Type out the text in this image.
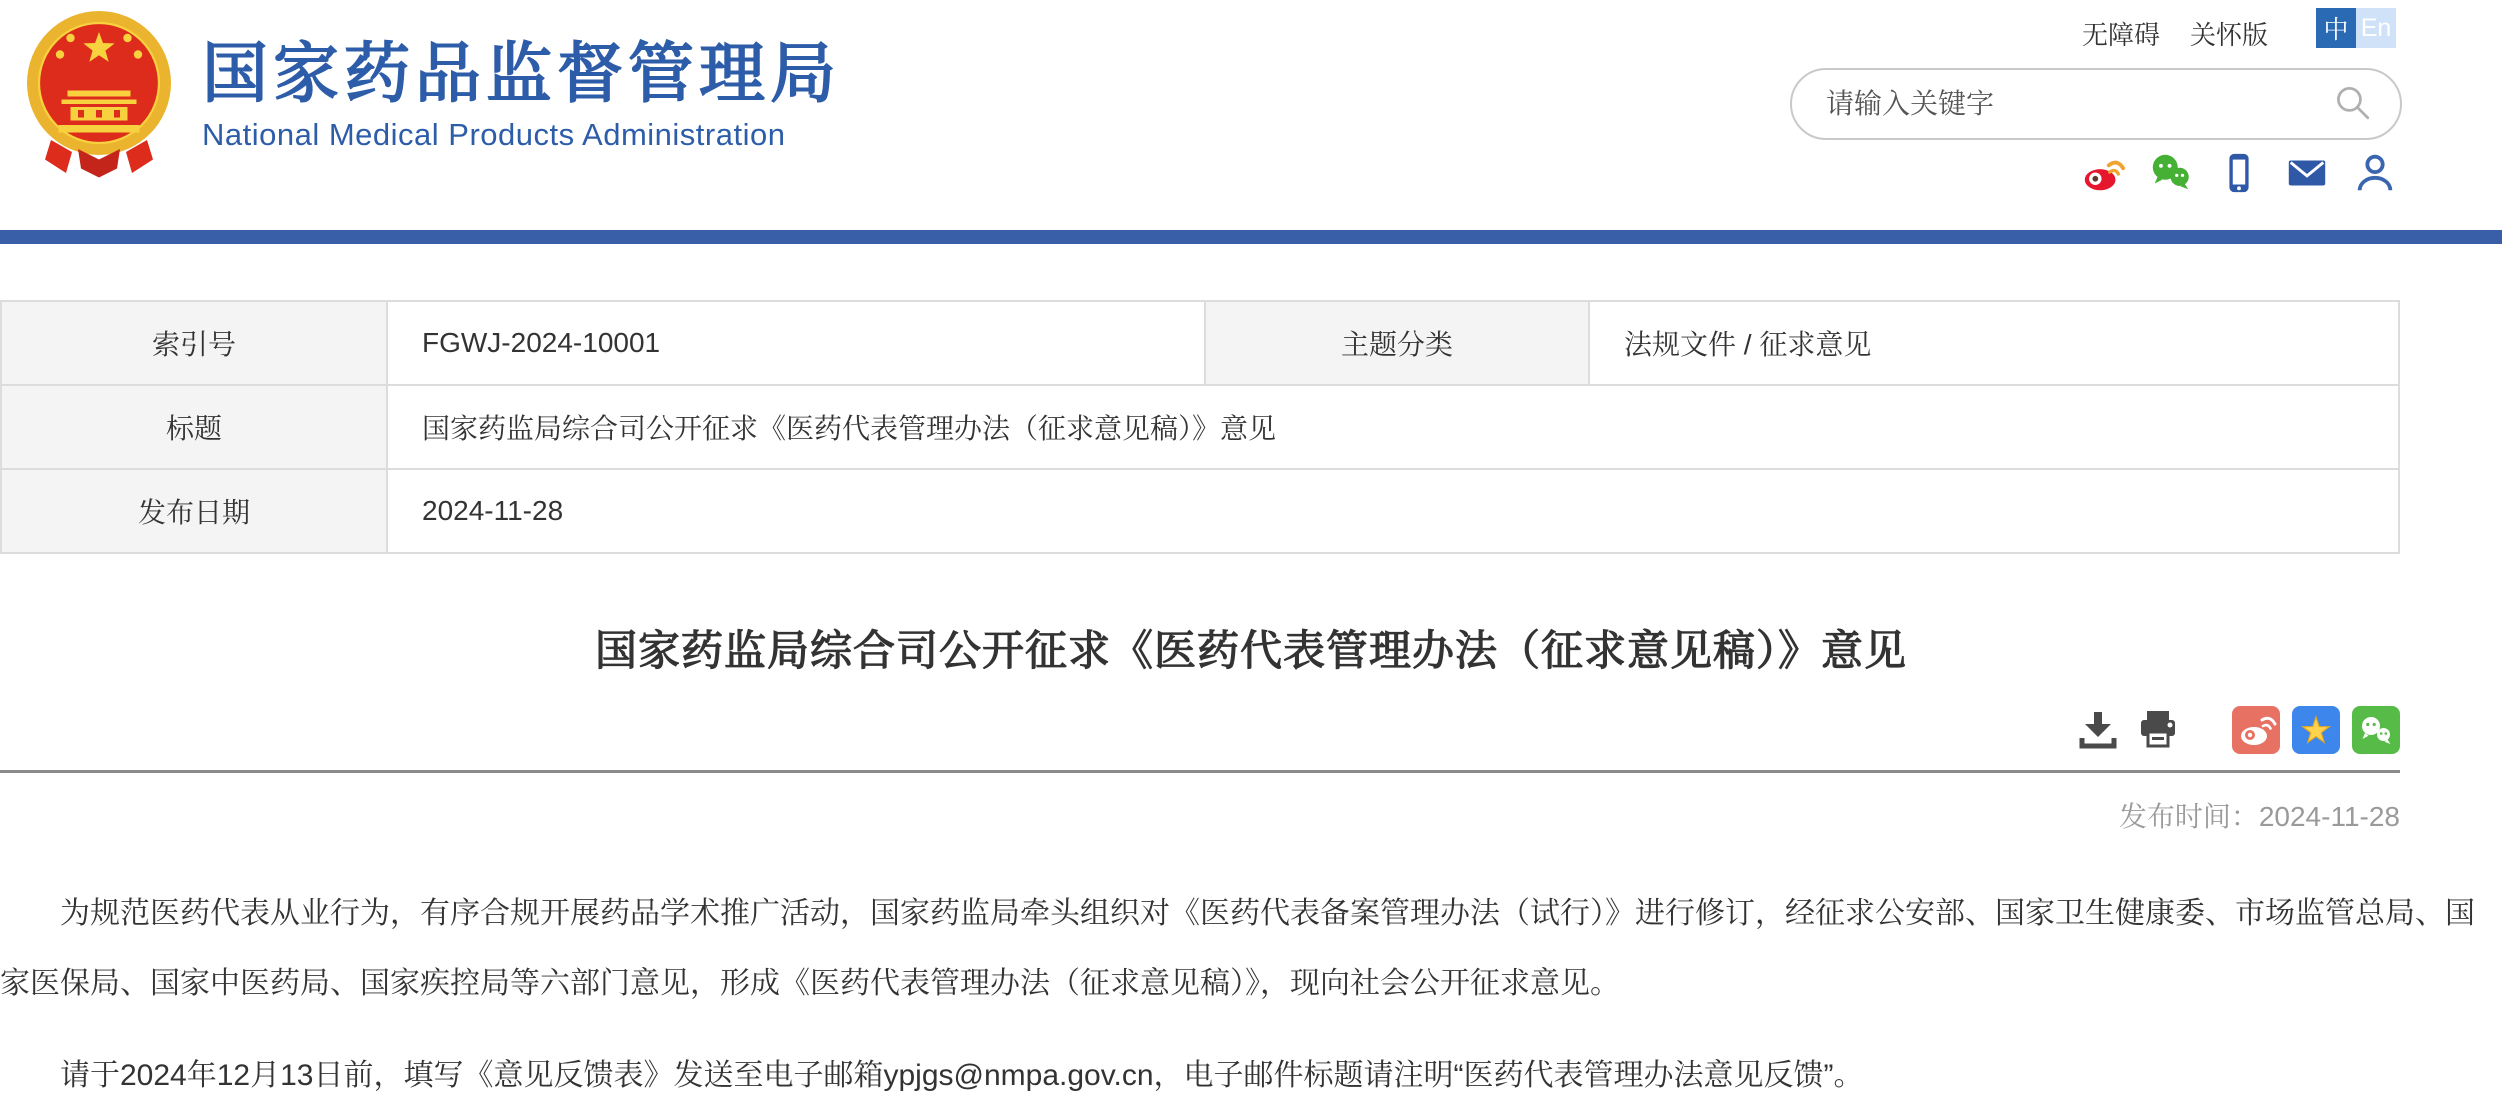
国家药品监督管理局
National Medical Products Administration
无障碍 关怀版 中 En
请输入关键字
索引号	FGWJ-2024-10001	主题分类	法规文件 / 征求意见
标题	国家药监局综合司公开征求《医药代表管理办法（征求意见稿）》意见		
发布日期	2024-11-28		
国家药监局综合司公开征求《医药代表管理办法（征求意见稿）》意见
发布时间：2024-11-28

为规范医药代表从业行为，有序合规开展药品学术推广活动，国家药监局牵头组织对《医药代表备案管理办法（试行）》进行修订，经征求公安部、国家卫生健康委、市场监管总局、国家医保局、国家中医药局、国家疾控局等六部门意见，形成《医药代表管理办法（征求意见稿）》，现向社会公开征求意见。

请于2024年12月13日前，填写《意见反馈表》发送至电子邮箱ypjgs@nmpa.gov.cn，电子邮件标题请注明“医药代表管理办法意见反馈”。
